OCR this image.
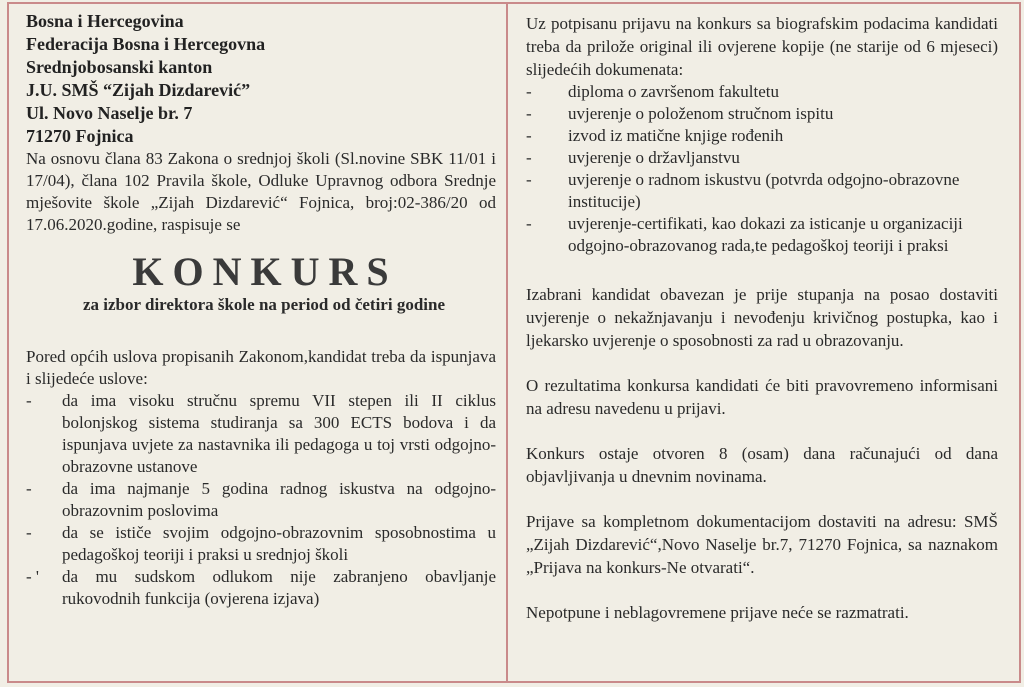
Bosna i Hercegovina

Federacija Bosna i Hercegovna

Srednjobosanski kanton

J.U. SMŠ “Zijah Dizdarević”

Ul. Novo Naselje br. 7

71270 Fojnica

Na osnovu člana 83 Zakona o srednjoj školi (Sl.novine SBK 11/01 i 17/04), člana 102 Pravila škole, Odluke Upravnog odbora Srednje mješovite škole „Zijah Dizdarević“ Fojnica, broj:02-386/20 od 17.06.2020.godine, raspisuje se

KONKURS
za izbor direktora škole na period od četiri godine

Pored općih uslova propisanih Zakonom,kandidat treba da ispunjava i slijedeće uslove:

-	da ima visoku stručnu spremu VII stepen ili II ciklus bolonjskog sistema studiranja sa 300 ECTS bodova i da ispunjava uvjete za nastavnika ili pedagoga u toj vrsti odgojno-obrazovne ustanove
-	da ima najmanje 5 godina radnog iskustva na odgojno-obrazovnim poslovima
-	da se ističe svojim odgojno-obrazovnim sposobnostima u pedagoškoj teoriji i praksi u srednjoj školi
- '	da mu sudskom odlukom nije zabranjeno obavljanje rukovodnih funkcija (ovjerena izjava)

Uz potpisanu prijavu na konkurs sa biografskim podacima kandidati treba da prilože original ili ovjerene kopije (ne starije od 6 mjeseci) slijedećih dokumenata:

-	diploma o završenom fakultetu
-	uvjerenje o položenom stručnom ispitu
-	izvod iz matične knjige rođenih
-	uvjerenje o državljanstvu
-	uvjerenje o radnom iskustvu (potvrda odgojno-obrazovne institucije)
-	uvjerenje-certifikati, kao dokazi za isticanje u organizaciji odgojno-obrazovanog rada,te pedagoškoj teoriji i praksi

Izabrani kandidat obavezan je prije stupanja na posao dostaviti uvjerenje o nekažnjavanju i nevođenju krivičnog postupka, kao i ljekarsko uvjerenje o sposobnosti za rad u obrazovanju.

O rezultatima konkursa kandidati će biti pravovremeno informisani na adresu navedenu u prijavi.

Konkurs ostaje otvoren 8 (osam) dana računajući od dana objavljivanja u dnevnim novinama.

Prijave sa kompletnom dokumentacijom dostaviti na adresu: SMŠ „Zijah Dizdarević“,Novo Naselje br.7, 71270 Fojnica, sa naznakom „Prijava na konkurs-Ne otvarati“.

Nepotpune i neblagovremene prijave neće se razmatrati.
